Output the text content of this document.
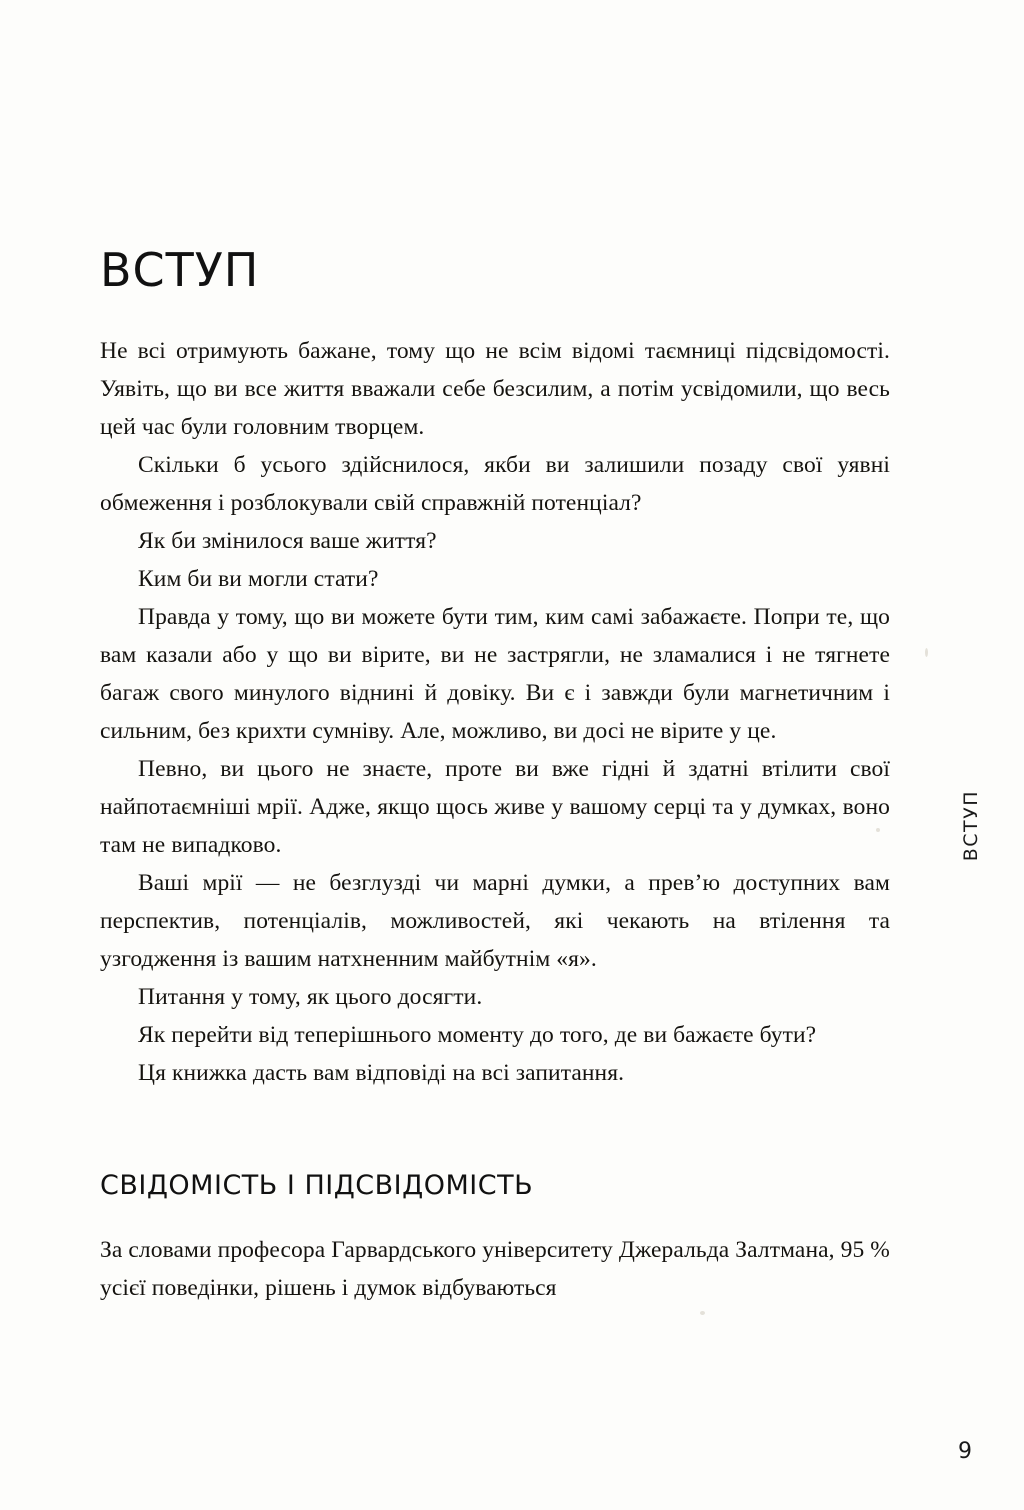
ВСТУП

Не всі отримують бажане, тому що не всім відомі таємниці підсвідомості. Уявіть, що ви все життя вважали себе безсилим, а потім усвідомили, що весь цей час були головним творцем.

Скільки б усього здійснилося, якби ви залишили позаду свої уявні обмеження і розблокували свій справжній потенціал?

Як би змінилося ваше життя?

Ким би ви могли стати?

Правда у тому, що ви можете бути тим, ким самі забажаєте. Попри те, що вам казали або у що ви вірите, ви не застрягли, не зламалися і не тягнете багаж свого минулого віднині й довіку. Ви є і завжди були магнетичним і сильним, без крихти сумніву. Але, можливо, ви досі не вірите у це.

Певно, ви цього не знаєте, проте ви вже гідні й здатні втілити свої найпотаємніші мрії. Адже, якщо щось живе у вашому серці та у думках, воно там не випадково.

Ваші мрії — не безглузді чи марні думки, а прев’ю доступних вам перспектив, потенціалів, можливостей, які чекають на втілення та узгодження із вашим натхненним майбутнім «я».

Питання у тому, як цього досягти.

Як перейти від теперішнього моменту до того, де ви бажаєте бути?

Ця книжка дасть вам відповіді на всі запитання.

СВІДОМІСТЬ І ПІДСВІДОМІСТЬ

За словами професора Гарвардського університету Джеральда Залтмана, 95 % усієї поведінки, рішень і думок відбуваються

ВСТУП
9
